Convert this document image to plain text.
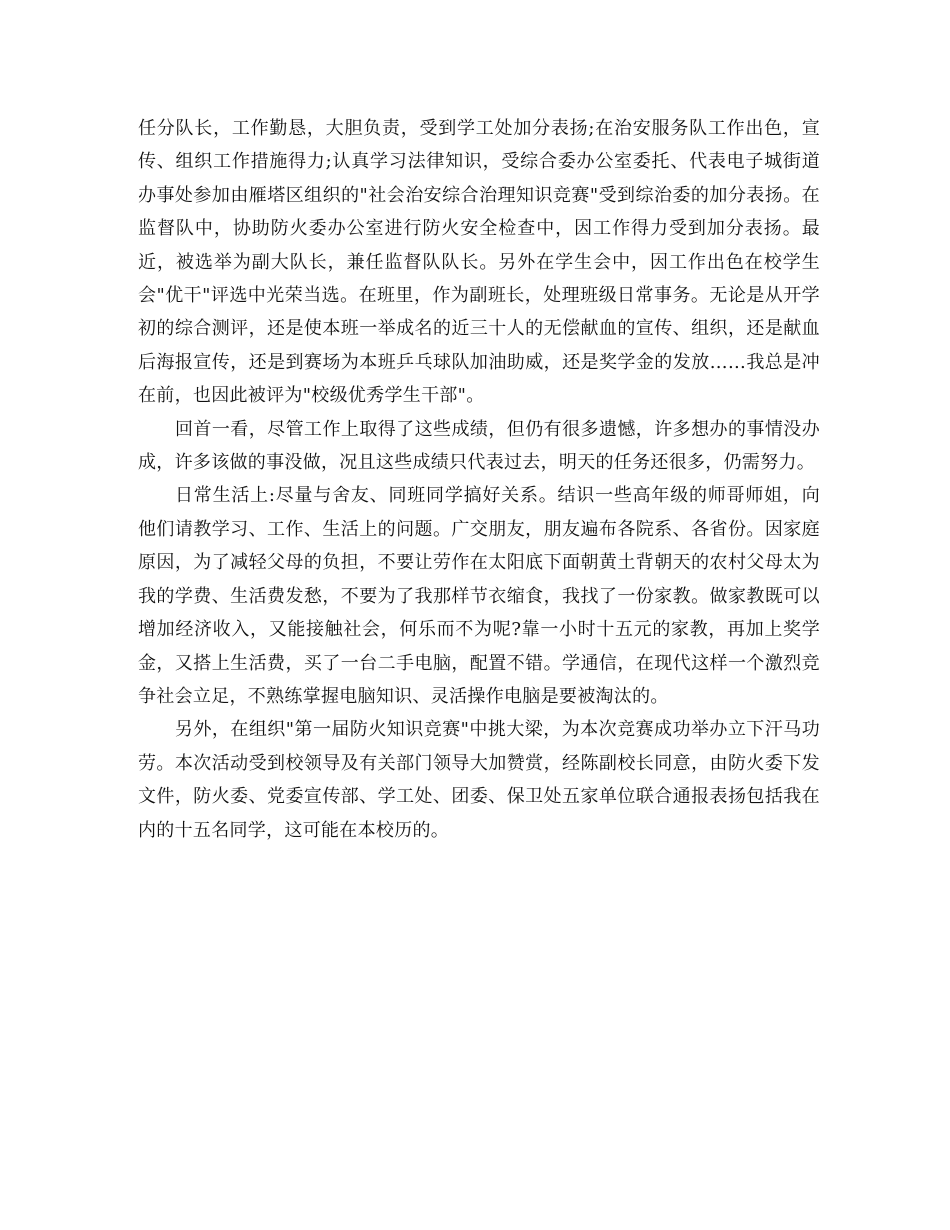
任分队长，工作勤恳，大胆负责，受到学工处加分表扬;在治安服务队工作出色，宣传、组织工作措施得力;认真学习法律知识，受综合委办公室委托、代表电子城街道办事处参加由雁塔区组织的"社会治安综合治理知识竞赛"受到综治委的加分表扬。在监督队中，协助防火委办公室进行防火安全检查中，因工作得力受到加分表扬。最近，被选举为副大队长，兼任监督队队长。另外在学生会中，因工作出色在校学生会"优干"评选中光荣当选。在班里，作为副班长，处理班级日常事务。无论是从开学初的综合测评，还是使本班一举成名的近三十人的无偿献血的宣传、组织，还是献血后海报宣传，还是到赛场为本班乒乓球队加油助威，还是奖学金的发放……我总是冲在前，也因此被评为"校级优秀学生干部"。

回首一看，尽管工作上取得了这些成绩，但仍有很多遗憾，许多想办的事情没办成，许多该做的事没做，况且这些成绩只代表过去，明天的任务还很多，仍需努力。

日常生活上:尽量与舍友、同班同学搞好关系。结识一些高年级的师哥师姐，向他们请教学习、工作、生活上的问题。广交朋友，朋友遍布各院系、各省份。因家庭原因，为了减轻父母的负担，不要让劳作在太阳底下面朝黄土背朝天的农村父母太为我的学费、生活费发愁，不要为了我那样节衣缩食，我找了一份家教。做家教既可以增加经济收入，又能接触社会，何乐而不为呢?靠一小时十五元的家教，再加上奖学金，又搭上生活费，买了一台二手电脑，配置不错。学通信，在现代这样一个激烈竞争社会立足，不熟练掌握电脑知识、灵活操作电脑是要被淘汰的。

另外，在组织"第一届防火知识竞赛"中挑大梁，为本次竞赛成功举办立下汗马功劳。本次活动受到校领导及有关部门领导大加赞赏，经陈副校长同意，由防火委下发文件，防火委、党委宣传部、学工处、团委、保卫处五家单位联合通报表扬包括我在内的十五名同学，这可能在本校历的。
